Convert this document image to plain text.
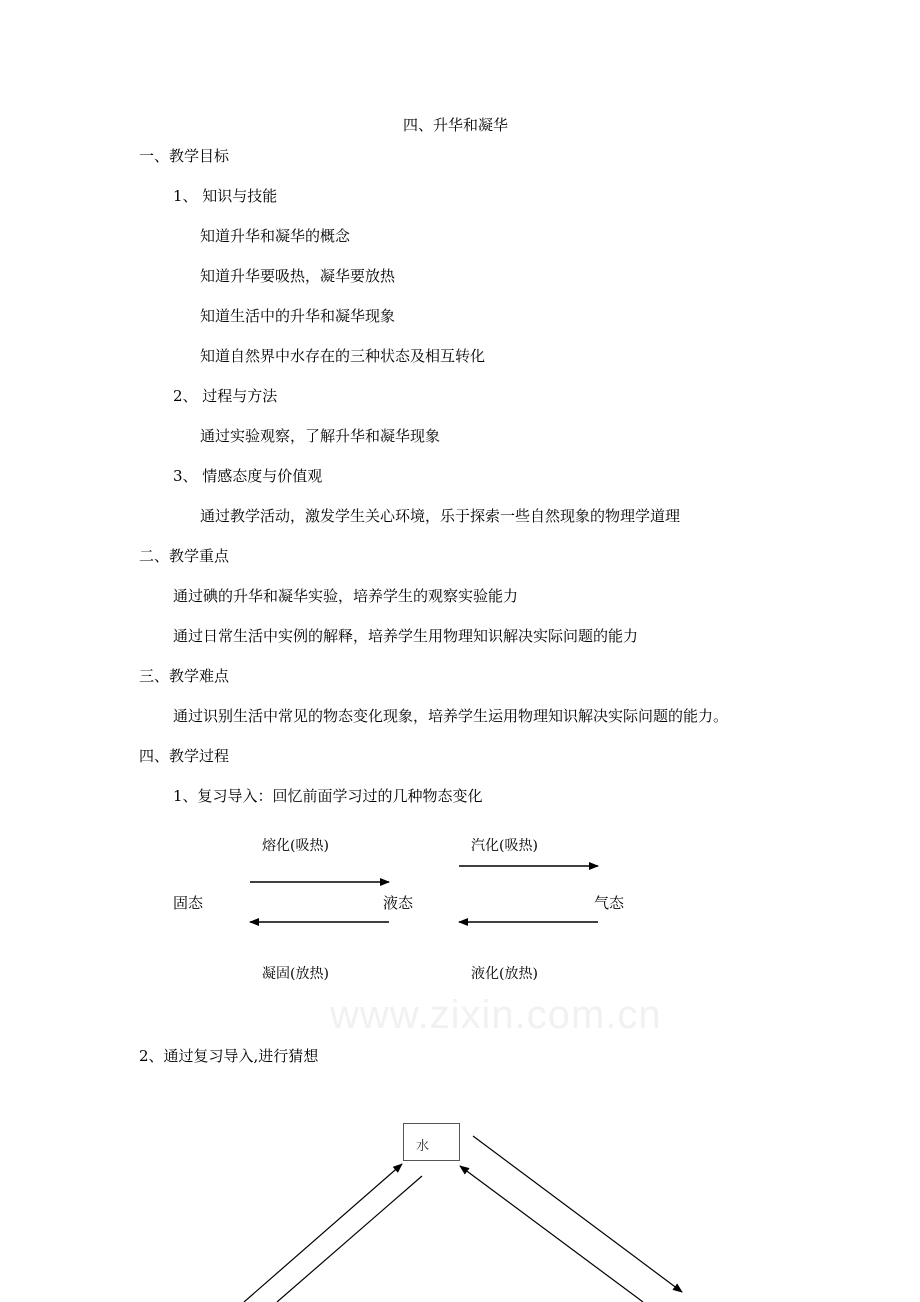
www.zixin.com.cn
四、升华和凝华
一、教学目标
1、 知识与技能
知道升华和凝华的概念
知道升华要吸热，凝华要放热
知道生活中的升华和凝华现象
知道自然界中水存在的三种状态及相互转化
2、 过程与方法
通过实验观察，了解升华和凝华现象
3、 情感态度与价值观
通过教学活动，激发学生关心环境，乐于探索一些自然现象的物理学道理
二、教学重点
通过碘的升华和凝华实验，培养学生的观察实验能力
通过日常生活中实例的解释，培养学生用物理知识解决实际问题的能力
三、教学难点
通过识别生活中常见的物态变化现象，培养学生运用物理知识解决实际问题的能力。
四、教学过程
1、复习导入：回忆前面学习过的几种物态变化
熔化(吸热)	汽化(吸热)
固态	液态	气态
凝固(放热)	液化(放热)
2、通过复习导入,进行猜想
水
